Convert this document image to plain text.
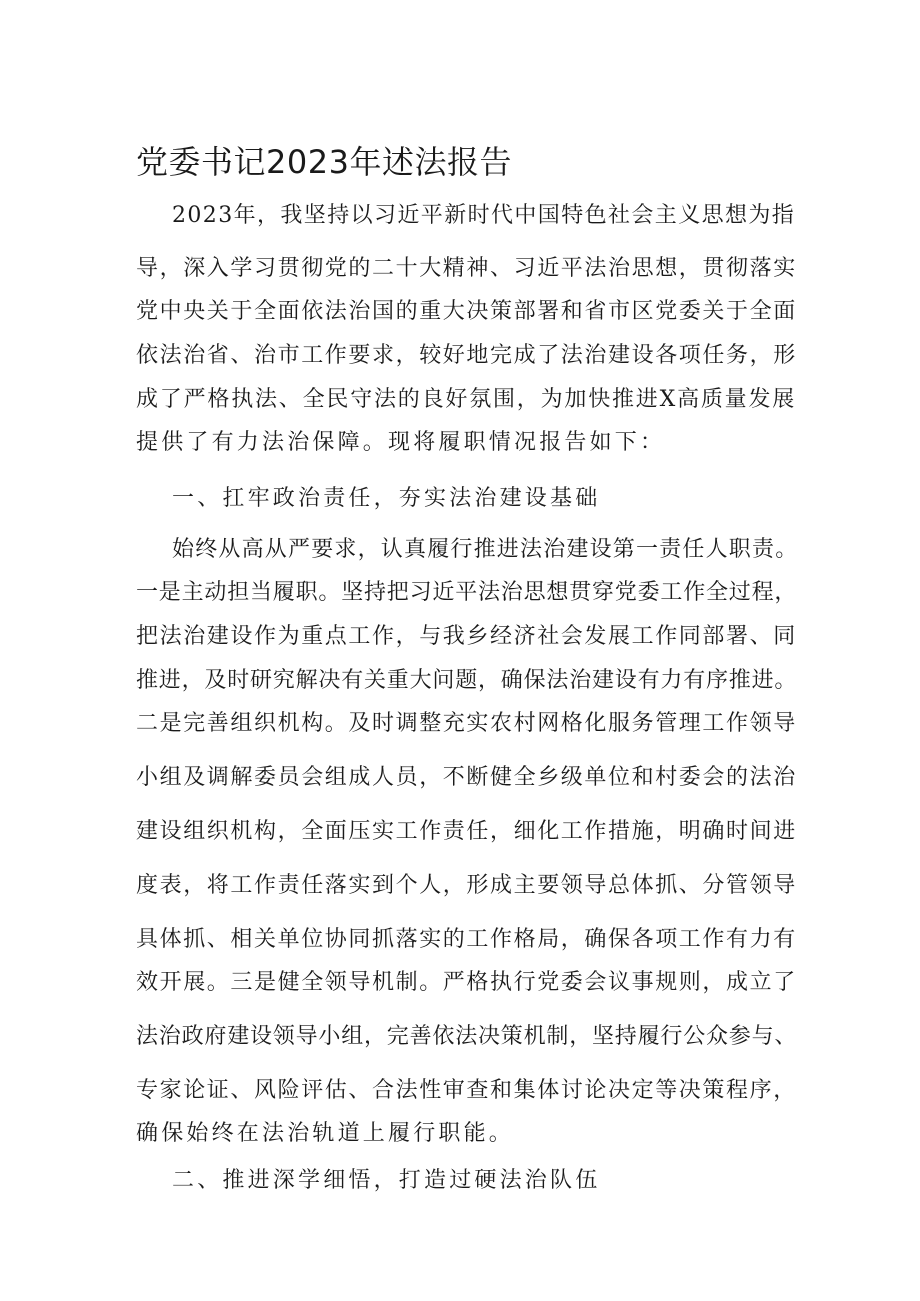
党委书记2023年述法报告
2023年，我坚持以习近平新时代中国特色社会主义思想为指
导，深入学习贯彻党的二十大精神、习近平法治思想，贯彻落实
党中央关于全面依法治国的重大决策部署和省市区党委关于全面
依法治省、治市工作要求，较好地完成了法治建设各项任务，形
成了严格执法、全民守法的良好氛围，为加快推进X高质量发展
提供了有力法治保障。现将履职情况报告如下：
一、扛牢政治责任，夯实法治建设基础
始终从高从严要求，认真履行推进法治建设第一责任人职责。
一是主动担当履职。坚持把习近平法治思想贯穿党委工作全过程，
把法治建设作为重点工作，与我乡经济社会发展工作同部署、同
推进，及时研究解决有关重大问题，确保法治建设有力有序推进。
二是完善组织机构。及时调整充实农村网格化服务管理工作领导
小组及调解委员会组成人员，不断健全乡级单位和村委会的法治
建设组织机构，全面压实工作责任，细化工作措施，明确时间进
度表，将工作责任落实到个人，形成主要领导总体抓、分管领导
具体抓、相关单位协同抓落实的工作格局，确保各项工作有力有
效开展。三是健全领导机制。严格执行党委会议事规则，成立了
法治政府建设领导小组，完善依法决策机制，坚持履行公众参与、
专家论证、风险评估、合法性审查和集体讨论决定等决策程序，
确保始终在法治轨道上履行职能。
二、推进深学细悟，打造过硬法治队伍
